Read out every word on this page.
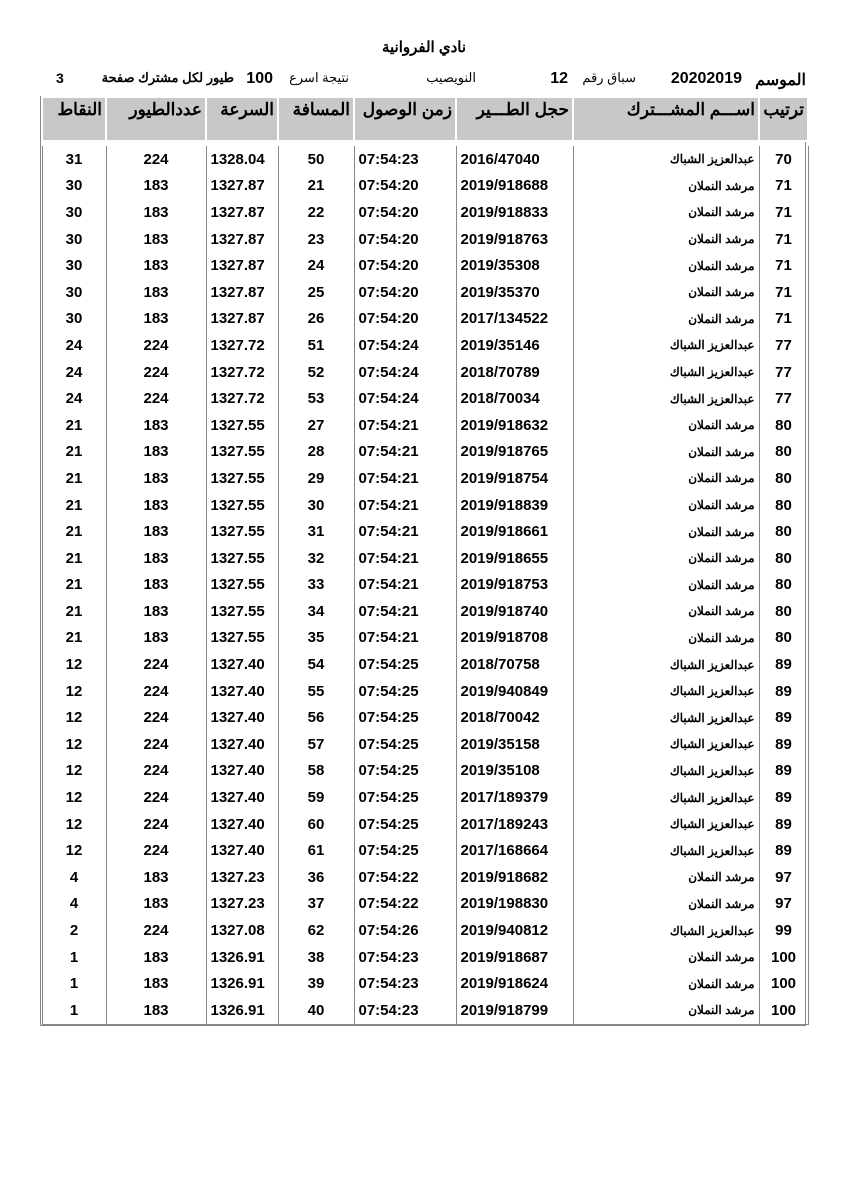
نادي الفروانية
الموسم
20202019
سباق رقم
12
النويصيب
نتيجة اسرع
100
طيور لكل مشترك صفحة
3
ترتيب	اســـم المشـــترك	حجل الطـــير	زمن الوصول	المسافة	السرعة	عددالطيور	النقاط

70	عبدالعزيز الشباك	2016/47040	07:54:23	50	1328.04	224	31
71	مرشد النملان	2019/918688	07:54:20	21	1327.87	183	30
71	مرشد النملان	2019/918833	07:54:20	22	1327.87	183	30
71	مرشد النملان	2019/918763	07:54:20	23	1327.87	183	30
71	مرشد النملان	2019/35308	07:54:20	24	1327.87	183	30
71	مرشد النملان	2019/35370	07:54:20	25	1327.87	183	30
71	مرشد النملان	2017/134522	07:54:20	26	1327.87	183	30
77	عبدالعزيز الشباك	2019/35146	07:54:24	51	1327.72	224	24
77	عبدالعزيز الشباك	2018/70789	07:54:24	52	1327.72	224	24
77	عبدالعزيز الشباك	2018/70034	07:54:24	53	1327.72	224	24
80	مرشد النملان	2019/918632	07:54:21	27	1327.55	183	21
80	مرشد النملان	2019/918765	07:54:21	28	1327.55	183	21
80	مرشد النملان	2019/918754	07:54:21	29	1327.55	183	21
80	مرشد النملان	2019/918839	07:54:21	30	1327.55	183	21
80	مرشد النملان	2019/918661	07:54:21	31	1327.55	183	21
80	مرشد النملان	2019/918655	07:54:21	32	1327.55	183	21
80	مرشد النملان	2019/918753	07:54:21	33	1327.55	183	21
80	مرشد النملان	2019/918740	07:54:21	34	1327.55	183	21
80	مرشد النملان	2019/918708	07:54:21	35	1327.55	183	21
89	عبدالعزيز الشباك	2018/70758	07:54:25	54	1327.40	224	12
89	عبدالعزيز الشباك	2019/940849	07:54:25	55	1327.40	224	12
89	عبدالعزيز الشباك	2018/70042	07:54:25	56	1327.40	224	12
89	عبدالعزيز الشباك	2019/35158	07:54:25	57	1327.40	224	12
89	عبدالعزيز الشباك	2019/35108	07:54:25	58	1327.40	224	12
89	عبدالعزيز الشباك	2017/189379	07:54:25	59	1327.40	224	12
89	عبدالعزيز الشباك	2017/189243	07:54:25	60	1327.40	224	12
89	عبدالعزيز الشباك	2017/168664	07:54:25	61	1327.40	224	12
97	مرشد النملان	2019/918682	07:54:22	36	1327.23	183	4
97	مرشد النملان	2019/198830	07:54:22	37	1327.23	183	4
99	عبدالعزيز الشباك	2019/940812	07:54:26	62	1327.08	224	2
100	مرشد النملان	2019/918687	07:54:23	38	1326.91	183	1
100	مرشد النملان	2019/918624	07:54:23	39	1326.91	183	1
100	مرشد النملان	2019/918799	07:54:23	40	1326.91	183	1
